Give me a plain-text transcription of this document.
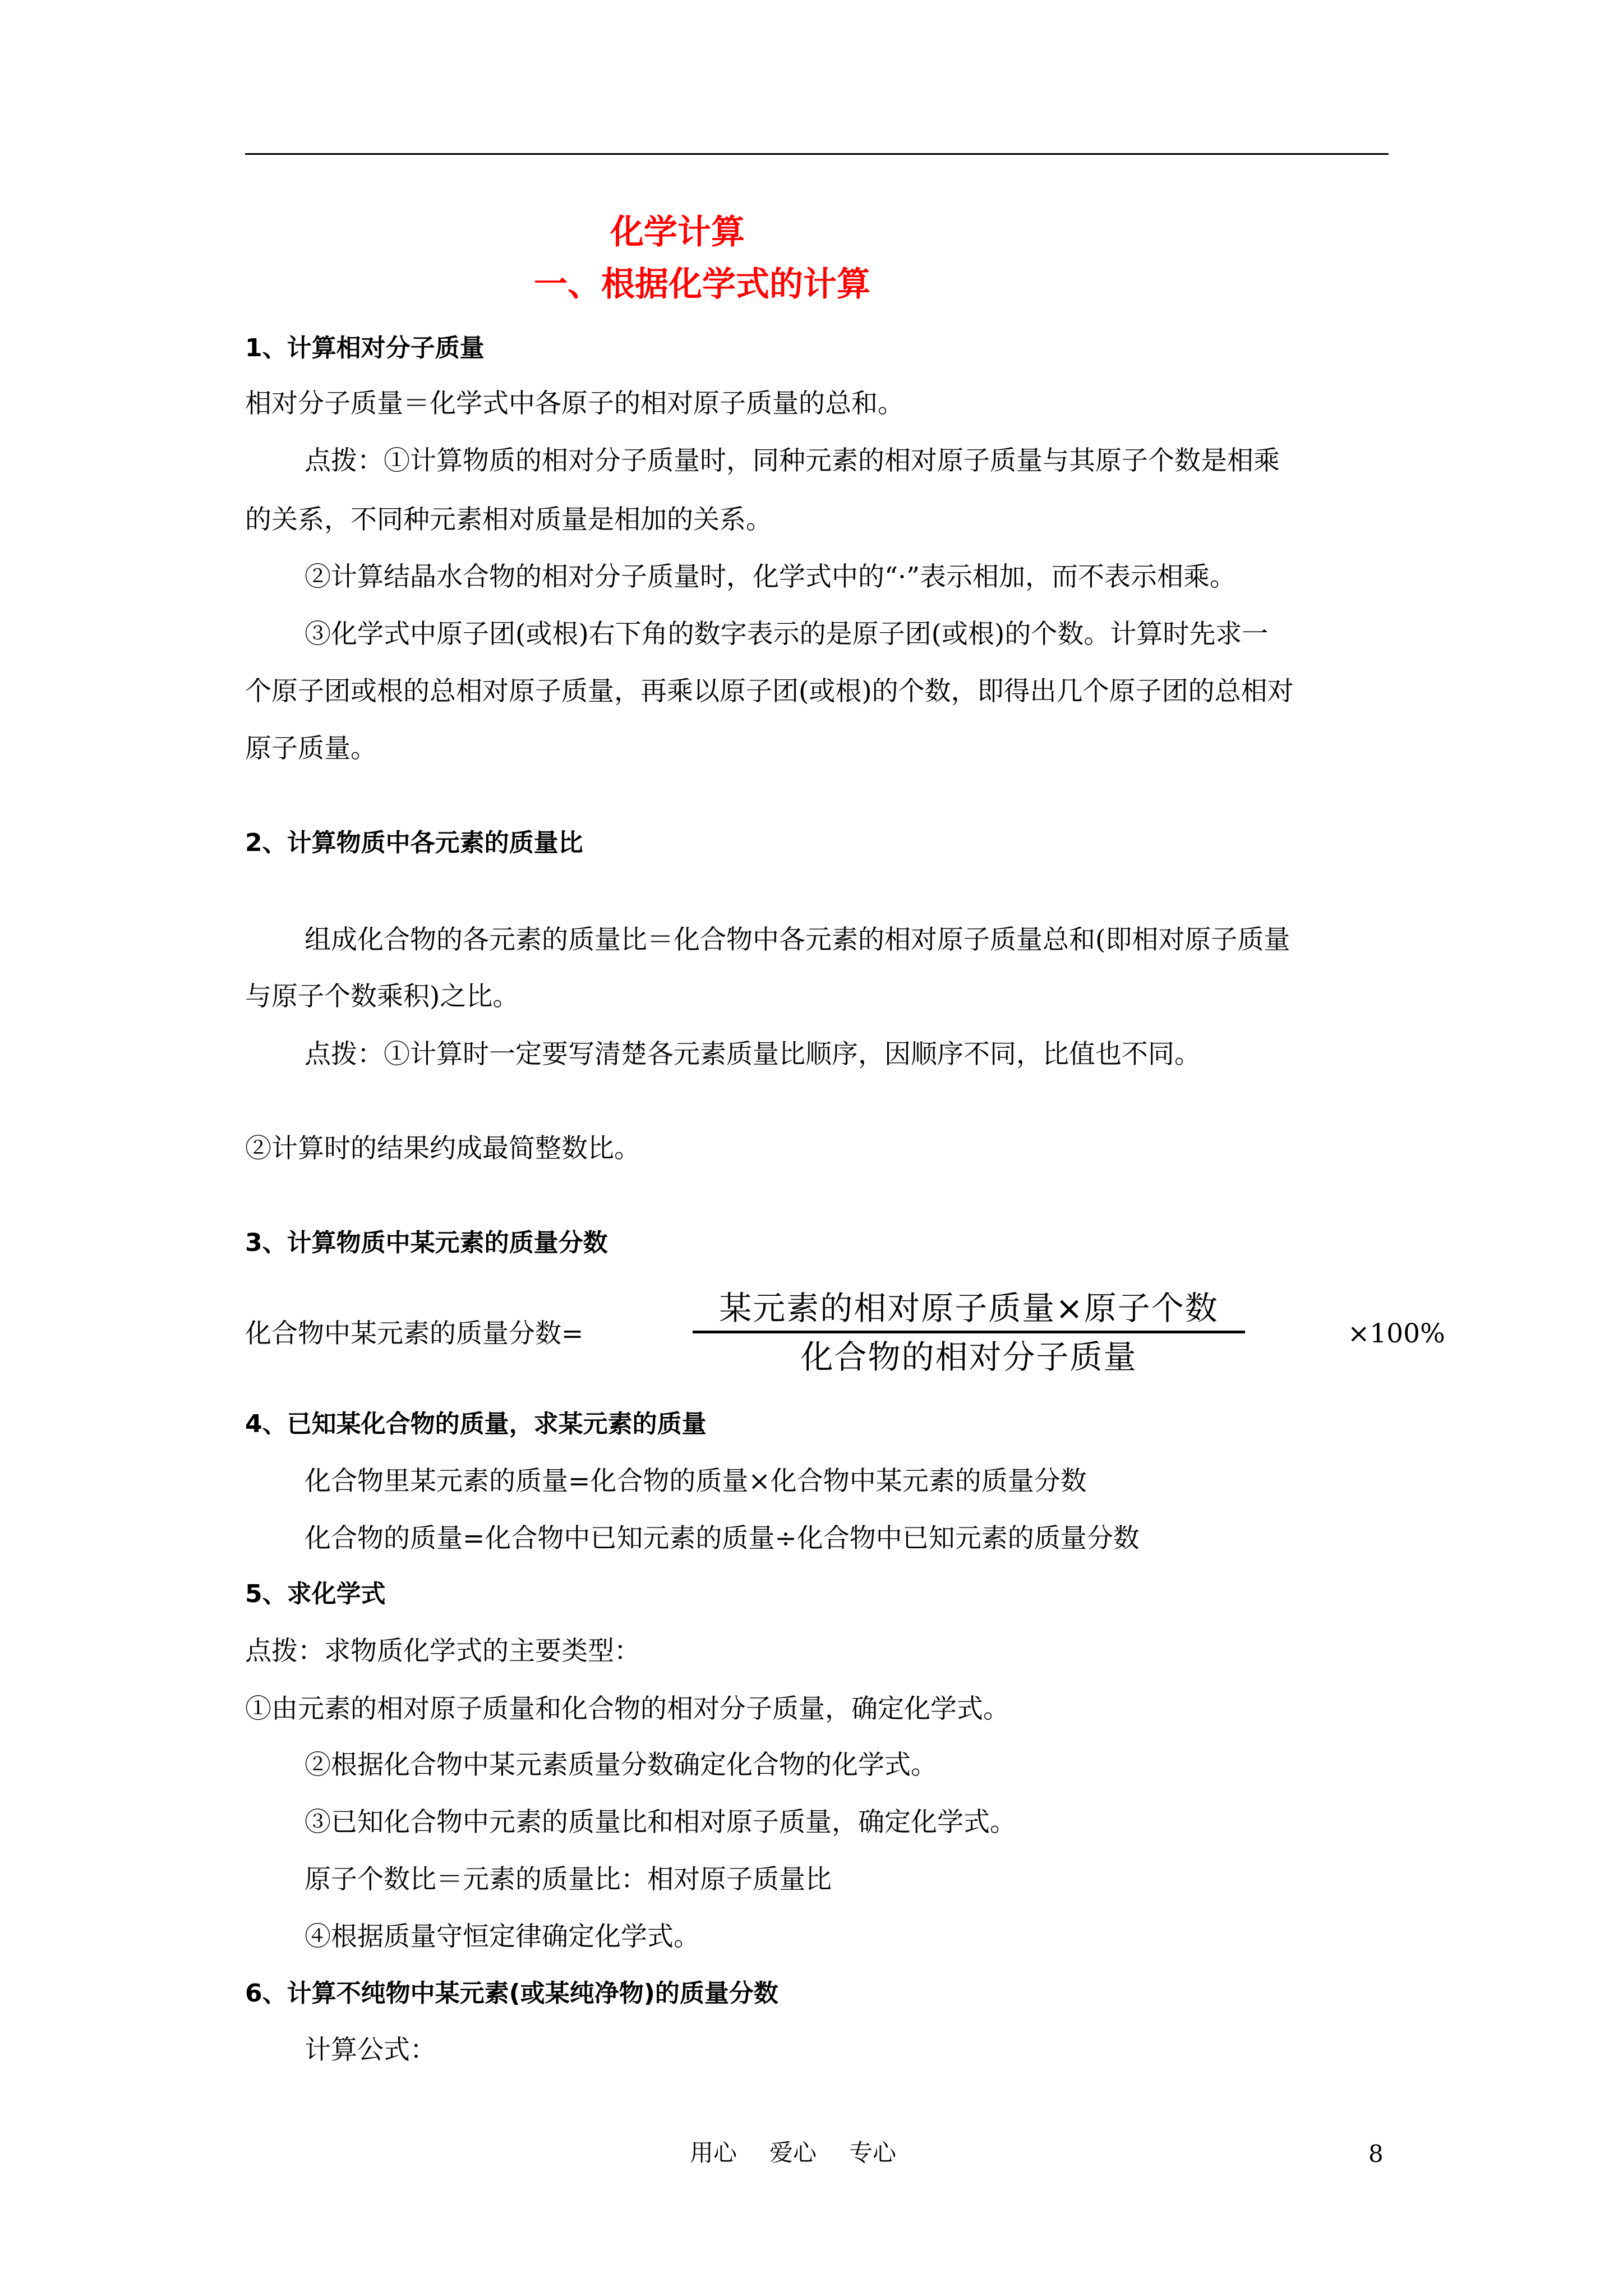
化学计算
一、根据化学式的计算
1、计算相对分子质量
相对分子质量＝化学式中各原子的相对原子质量的总和。
点拨：①计算物质的相对分子质量时，同种元素的相对原子质量与其原子个数是相乘
的关系，不同种元素相对质量是相加的关系。
②计算结晶水合物的相对分子质量时，化学式中的“·”表示相加，而不表示相乘。
③化学式中原子团(或根)右下角的数字表示的是原子团(或根)的个数。计算时先求一
个原子团或根的总相对原子质量，再乘以原子团(或根)的个数，即得出几个原子团的总相对
原子质量。
2、计算物质中各元素的质量比
组成化合物的各元素的质量比＝化合物中各元素的相对原子质量总和(即相对原子质量
与原子个数乘积)之比。
点拨：①计算时一定要写清楚各元素质量比顺序，因顺序不同，比值也不同。
②计算时的结果约成最简整数比。
3、计算物质中某元素的质量分数
化合物中某元素的质量分数=
某元素的相对原子质量×原子个数
化合物的相对分子质量
×100%
4、已知某化合物的质量，求某元素的质量
化合物里某元素的质量=化合物的质量×化合物中某元素的质量分数
化合物的质量=化合物中已知元素的质量÷化合物中已知元素的质量分数
5、求化学式
点拨：求物质化学式的主要类型：
①由元素的相对原子质量和化合物的相对分子质量，确定化学式。
②根据化合物中某元素质量分数确定化合物的化学式。
③已知化合物中元素的质量比和相对原子质量，确定化学式。
原子个数比＝元素的质量比：相对原子质量比
④根据质量守恒定律确定化学式。
6、计算不纯物中某元素(或某纯净物)的质量分数
计算公式：
用心 爱心 专心	8
